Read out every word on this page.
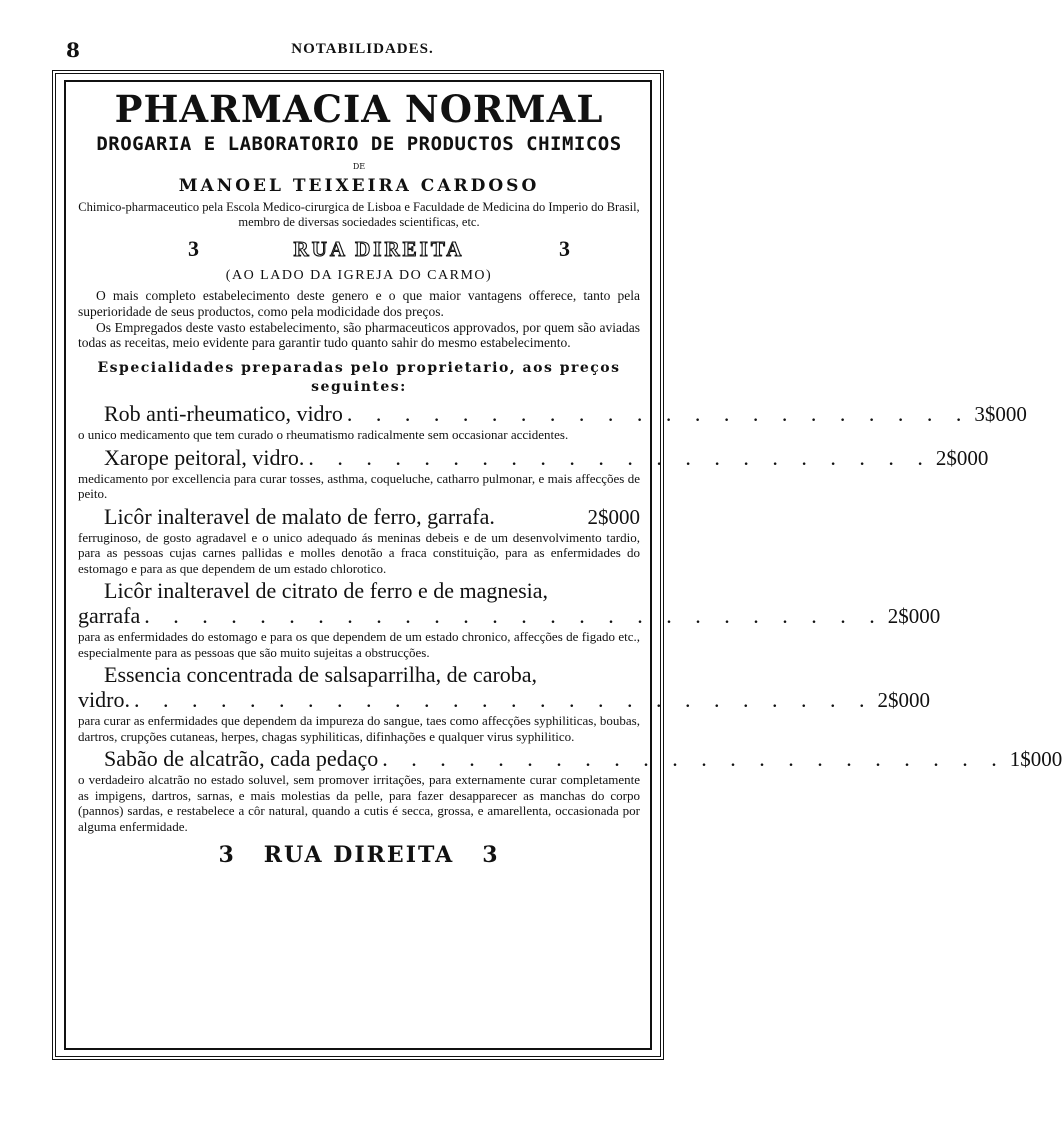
8	NOTABILIDADES.
PHARMACIA NORMAL
DROGARIA E LABORATORIO DE PRODUCTOS CHIMICOS
DE
MANOEL TEIXEIRA CARDOSO

Chimico-pharmaceutico pela Escola Medico-cirurgica de Lisboa e Faculdade de Medicina do Imperio do Brasil, membro de diversas sociedades scientificas, etc.

3	RUA DIREITA	3
(AO LADO DA IGREJA DO CARMO)

O mais completo estabelecimento deste genero e o que maior vantagens offerece, tanto pela superioridade de seus productos, como pela modicidade dos preços.

Os Empregados deste vasto estabelecimento, são pharmaceuticos approvados, por quem são aviadas todas as receitas, meio evidente para garantir tudo quanto sahir do mesmo estabelecimento.

Especialidades preparadas pelo proprietario, aos preços seguintes:
Rob anti-rheumatico, vidro . . . . . . . . . . . . . . . . . . . . . . 3$000

o unico medicamento que tem curado o rheumatismo radicalmente sem occasionar accidentes.

Xarope peitoral, vidro. . . . . . . . . . . . . . . . . . . . . . . 2$000

medicamento por excellencia para curar tosses, asthma, coqueluche, catharro pulmonar, e mais affecções de peito.

Licôr inalteravel de malato de ferro, garrafa.	2$000

ferruginoso, de gosto agradavel e o unico adequado ás meninas debeis e de um desenvolvimento tardio, para as pessoas cujas carnes pallidas e molles denotão a fraca constituição, para as enfermidades do estomago e para as que dependem de um estado chlorotico.

Licôr inalteravel de citrato de ferro e de magnesia,
garrafa . . . . . . . . . . . . . . . . . . . . . . . . . . 2$000

para as enfermidades do estomago e para os que dependem de um estado chronico, affecções de figado etc., especialmente para as pessoas que são muito sujeitas a obstrucções.

Essencia concentrada de salsaparrilha, de caroba,
vidro. . . . . . . . . . . . . . . . . . . . . . . . . . . 2$000

para curar as enfermidades que dependem da impureza do sangue, taes como affecções syphiliticas, boubas, dartros, crupções cutaneas, herpes, chagas syphiliticas, difinhações e qualquer virus syphilitico.

Sabão de alcatrão, cada pedaço . . . . . . . . . . . . . . . . . . . . . . 1$000

o verdadeiro alcatrão no estado soluvel, sem promover irritações, para externamente curar completamente as impigens, dartros, sarnas, e mais molestias da pelle, para fazer desapparecer as manchas do corpo (pannos) sardas, e restabelece a côr natural, quando a cutis é secca, grossa, e amarellenta, occasionada por alguma enfermidade.

3 RUA DIREITA 3
